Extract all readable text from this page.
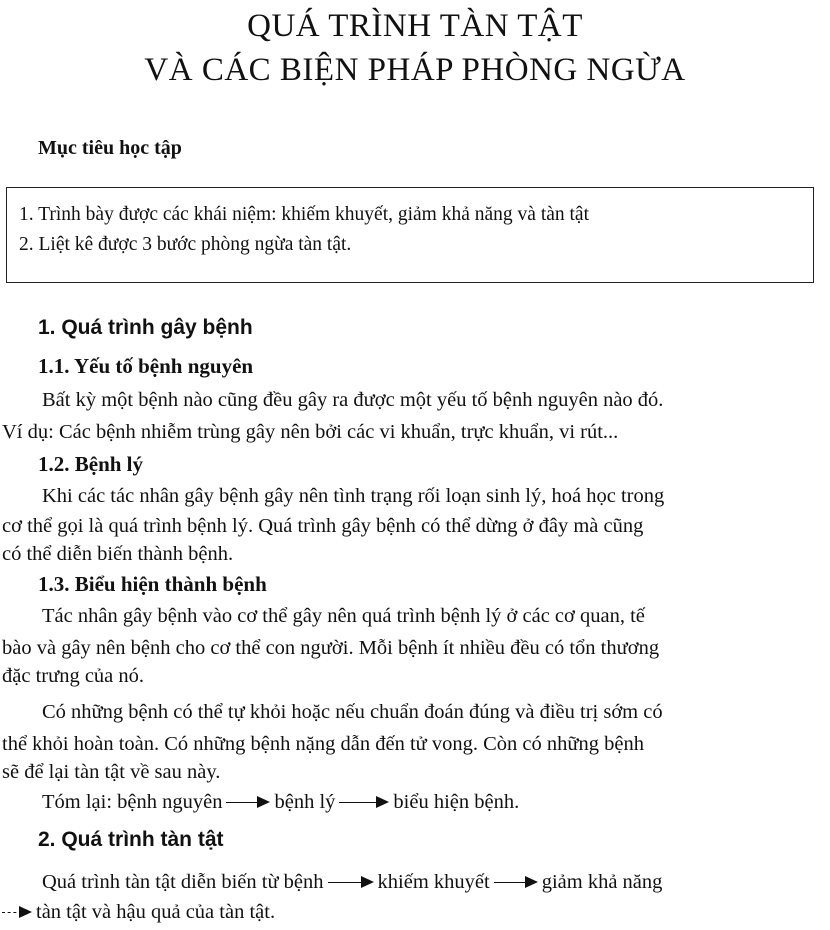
QUÁ TRÌNH TÀN TẬT
VÀ CÁC BIỆN PHÁP PHÒNG NGỪA
Mục tiêu học tập
1. Trình bày được các khái niệm: khiếm khuyết, giảm khả năng và tàn tật
2. Liệt kê được 3 bước phòng ngừa tàn tật.
1. Quá trình gây bệnh
1.1. Yếu tố bệnh nguyên
Bất kỳ một bệnh nào cũng đều gây ra được một yếu tố bệnh nguyên nào đó.
Ví dụ: Các bệnh nhiễm trùng gây nên bởi các vi khuẩn, trực khuẩn, vi rút...
1.2. Bệnh lý
Khi các tác nhân gây bệnh gây nên tình trạng rối loạn sinh lý, hoá học trong
cơ thể gọi là quá trình bệnh lý. Quá trình gây bệnh có thể dừng ở đây mà cũng
có thể diễn biến thành bệnh.
1.3. Biểu hiện thành bệnh
Tác nhân gây bệnh vào cơ thể gây nên quá trình bệnh lý ở các cơ quan, tế
bào và gây nên bệnh cho cơ thể con người. Mỗi bệnh ít nhiều đều có tổn thương
đặc trưng của nó.
Có những bệnh có thể tự khỏi hoặc nếu chuẩn đoán đúng và điều trị sớm có
thể khỏi hoàn toàn. Có những bệnh nặng dẫn đến tử vong. Còn có những bệnh
sẽ để lại tàn tật về sau này.
Tóm lại: bệnh nguyên	bệnh lý	biểu hiện bệnh.
2. Quá trình tàn tật
Quá trình tàn tật diễn biến từ bệnh	khiếm khuyết	giảm khả năng
tàn tật và hậu quả của tàn tật.
